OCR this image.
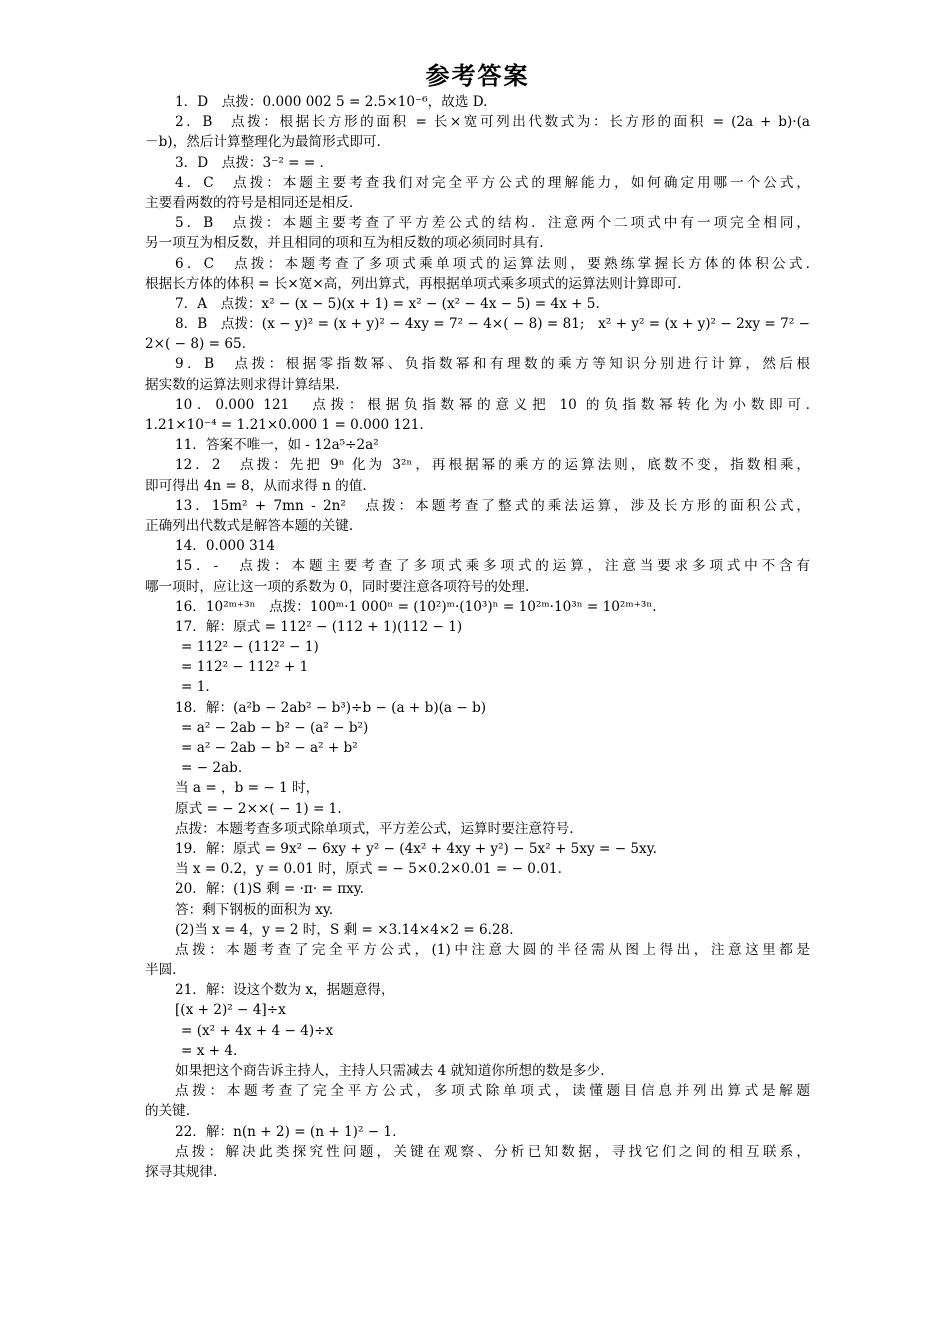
参考答案
1．D　点拨：0.000 002 5 = 2.5×10⁻⁶，故选 D.
2．B　点拨：根据长方形的面积 = 长×宽可列出代数式为：长方形的面积 = (2a + b)·(a
－b)，然后计算整理化为最简形式即可.
3．D　点拨：3⁻² = = .
4．C　点拨：本题主要考查我们对完全平方公式的理解能力，如何确定用哪一个公式，
主要看两数的符号是相同还是相反.
5．B　点拨：本题主要考查了平方差公式的结构．注意两个二项式中有一项完全相同，
另一项互为相反数，并且相同的项和互为相反数的项必须同时具有.
6．C　点拨：本题考查了多项式乘单项式的运算法则，要熟练掌握长方体的体积公式.
根据长方体的体积 = 长×宽×高，列出算式，再根据单项式乘多项式的运算法则计算即可.
7．A　点拨：x² − (x − 5)(x + 1) = x² − (x² − 4x − 5) = 4x + 5.
8．B　点拨：(x − y)² = (x + y)² − 4xy = 7² − 4×( − 8) = 81;　x² + y² = (x + y)² − 2xy = 7² −
2×( − 8) = 65.
9．B　点拨：根据零指数幂、负指数幂和有理数的乘方等知识分别进行计算，然后根
据实数的运算法则求得计算结果.
10．0.000 121　点拨：根据负指数幂的意义把 10 的负指数幂转化为小数即可.
1.21×10⁻⁴ = 1.21×0.000 1 = 0.000 121.
11．答案不唯一，如 - 12a⁵÷2a²
12．2　点拨：先把 9ⁿ 化为 3²ⁿ，再根据幂的乘方的运算法则，底数不变，指数相乘，
即可得出 4n = 8，从而求得 n 的值.
13．15m² + 7mn - 2n²　点拨：本题考查了整式的乘法运算，涉及长方形的面积公式，
正确列出代数式是解答本题的关键.
14．0.000 314
15．-　点拨：本题主要考查了多项式乘多项式的运算，注意当要求多项式中不含有
哪一项时，应让这一项的系数为 0，同时要注意各项符号的处理.
16．10²ᵐ⁺³ⁿ　点拨：100ᵐ·1 000ⁿ = (10²)ᵐ·(10³)ⁿ = 10²ᵐ·10³ⁿ = 10²ᵐ⁺³ⁿ.
17．解：原式 = 112² − (112 + 1)(112 − 1)
= 112² − (112² − 1)
= 112² − 112² + 1
= 1.
18．解：(a²b − 2ab² − b³)÷b − (a + b)(a − b)
= a² − 2ab − b² − (a² − b²)
= a² − 2ab − b² − a² + b²
= − 2ab.
当 a = ，b = − 1 时，
原式 = − 2××( − 1) = 1.
点拨：本题考查多项式除单项式，平方差公式，运算时要注意符号.
19．解：原式 = 9x² − 6xy + y² − (4x² + 4xy + y²) − 5x² + 5xy = − 5xy.
当 x = 0.2，y = 0.01 时，原式 = − 5×0.2×0.01 = − 0.01.
20．解：(1)S 剩 = ·π· = πxy.
答：剩下钢板的面积为 xy.
(2)当 x = 4，y = 2 时，S 剩 = ×3.14×4×2 = 6.28.
点拨：本题考查了完全平方公式，(1)中注意大圆的半径需从图上得出，注意这里都是
半圆.
21．解：设这个数为 x，据题意得，
[(x + 2)² − 4]÷x
= (x² + 4x + 4 − 4)÷x
= x + 4.
如果把这个商告诉主持人，主持人只需减去 4 就知道你所想的数是多少.
点拨：本题考查了完全平方公式，多项式除单项式，读懂题目信息并列出算式是解题
的关键.
22．解：n(n + 2) = (n + 1)² − 1.
点拨：解决此类探究性问题，关键在观察、分析已知数据，寻找它们之间的相互联系，
探寻其规律.
